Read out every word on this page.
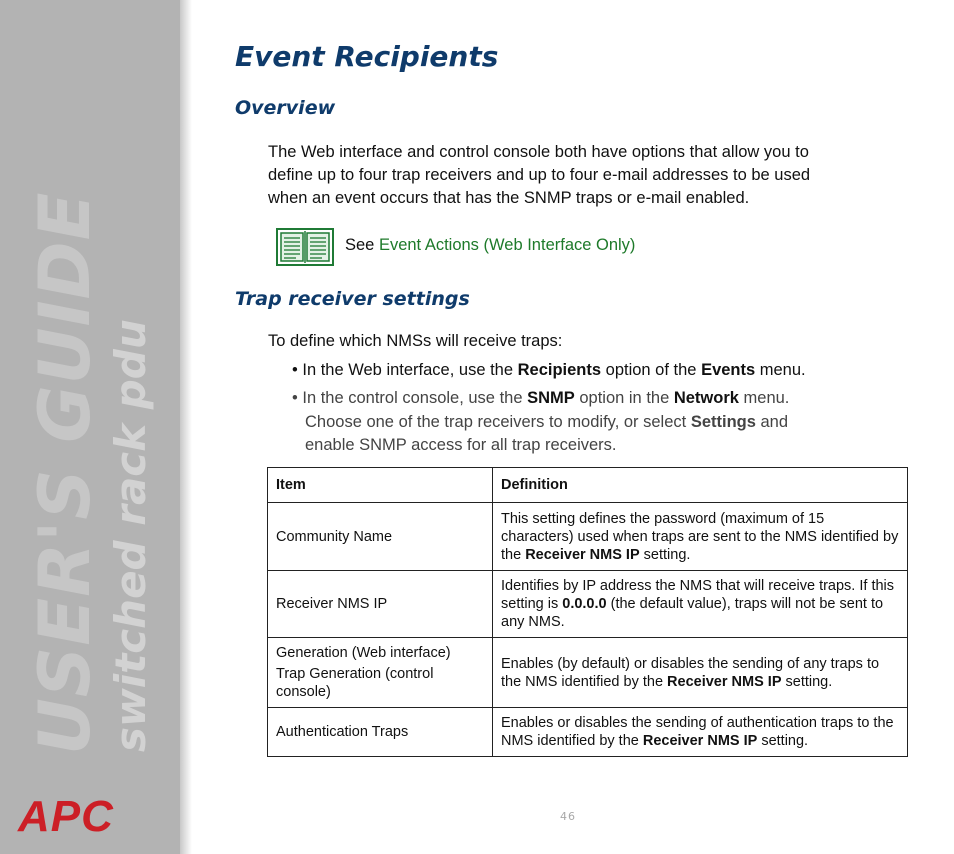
USER'S GUIDE switched rack pdu
APC
Event Recipients
Overview

The Web interface and control console both have options that allow you to

define up to four trap receivers and up to four e-mail addresses to be used

when an event occurs that has the SNMP traps or e-mail enabled.

See Event Actions (Web Interface Only)
Trap receiver settings

To define which NMSs will receive traps:

• In the Web interface, use the Recipients option of the Events menu.
• In the control console, use the SNMP option in the Network menu.
Choose one of the trap receivers to modify, or select Settings and
enable SNMP access for all trap receivers.
Item	Definition
Community Name	This setting defines the password (maximum of 15 characters) used when traps are sent to the NMS identified by the Receiver NMS IP setting.
Receiver NMS IP	Identifies by IP address the NMS that will receive traps. If this setting is 0.0.0.0 (the default value), traps will not be sent to any NMS.

Generation (Web interface)
Trap Generation (control console)	Enables (by default) or disables the sending of any traps to the NMS identified by the Receiver NMS IP setting.
Authentication Traps	Enables or disables the sending of authentication traps to the NMS identified by the Receiver NMS IP setting.
46
